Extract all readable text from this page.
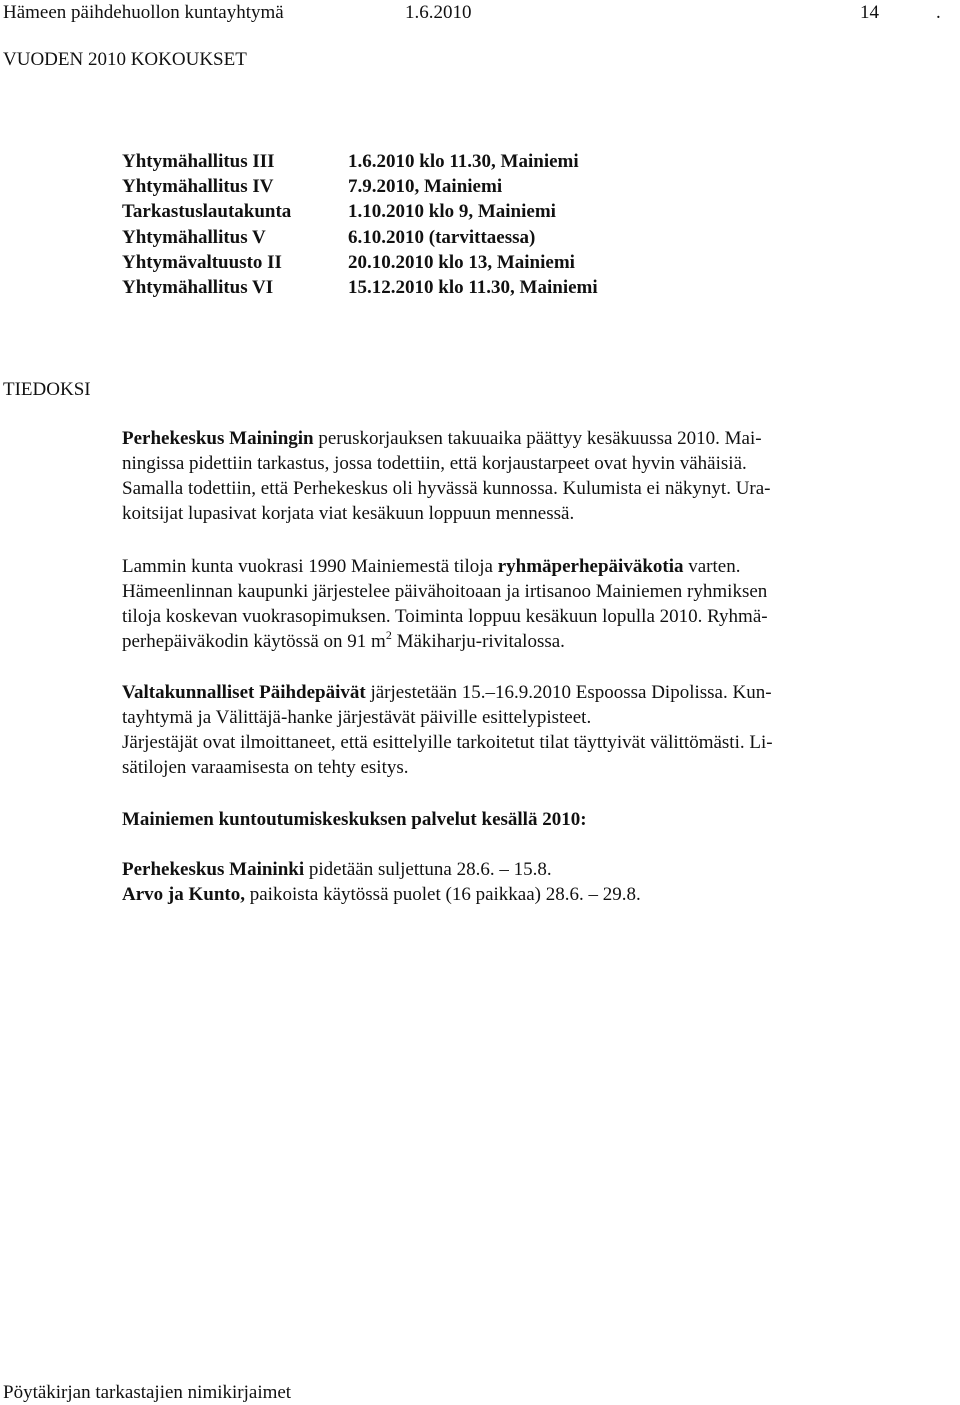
Hämeen päihdehuollon kuntayhtymä	1.6.2010	14	.
VUODEN 2010 KOKOUKSET
Yhtymähallitus III	1.6.2010 klo 11.30, Mainiemi
Yhtymähallitus IV	7.9.2010, Mainiemi
Tarkastuslautakunta	1.10.2010 klo 9, Mainiemi
Yhtymähallitus V	6.10.2010 (tarvittaessa)
Yhtymävaltuusto II	20.10.2010 klo 13, Mainiemi
Yhtymähallitus VI	15.12.2010 klo 11.30, Mainiemi
TIEDOKSI
Perhekeskus Mainingin peruskorjauksen takuuaika päättyy kesäkuussa 2010. Mai-
ningissa pidettiin tarkastus, jossa todettiin, että korjaustarpeet ovat hyvin vähäisiä.
Samalla todettiin, että Perhekeskus oli hyvässä kunnossa. Kulumista ei näkynyt. Ura-
koitsijat lupasivat korjata viat kesäkuun loppuun mennessä.
Lammin kunta vuokrasi 1990 Mainiemestä tiloja ryhmäperhepäiväkotia varten.
Hämeenlinnan kaupunki järjestelee päivähoitoaan ja irtisanoo Mainiemen ryhmiksen
tiloja koskevan vuokrasopimuksen. Toiminta loppuu kesäkuun lopulla 2010. Ryhmä-
perhepäiväkodin käytössä on 91 $m^2$ Mäkiharju-rivitalossa.
Valtakunnalliset Päihdepäivät järjestetään 15.–16.9.2010 Espoossa Dipolissa. Kun-
tayhtymä ja Välittäjä-hanke järjestävät päiville esittelypisteet.
Järjestäjät ovat ilmoittaneet, että esittelyille tarkoitetut tilat täyttyivät välittömästi. Li-
sätilojen varaamisesta on tehty esitys.
Mainiemen kuntoutumiskeskuksen palvelut kesällä 2010:
Perhekeskus Maininki pidetään suljettuna 28.6. – 15.8.
Arvo ja Kunto, paikoista käytössä puolet (16 paikkaa) 28.6. – 29.8.
Pöytäkirjan tarkastajien nimikirjaimet
